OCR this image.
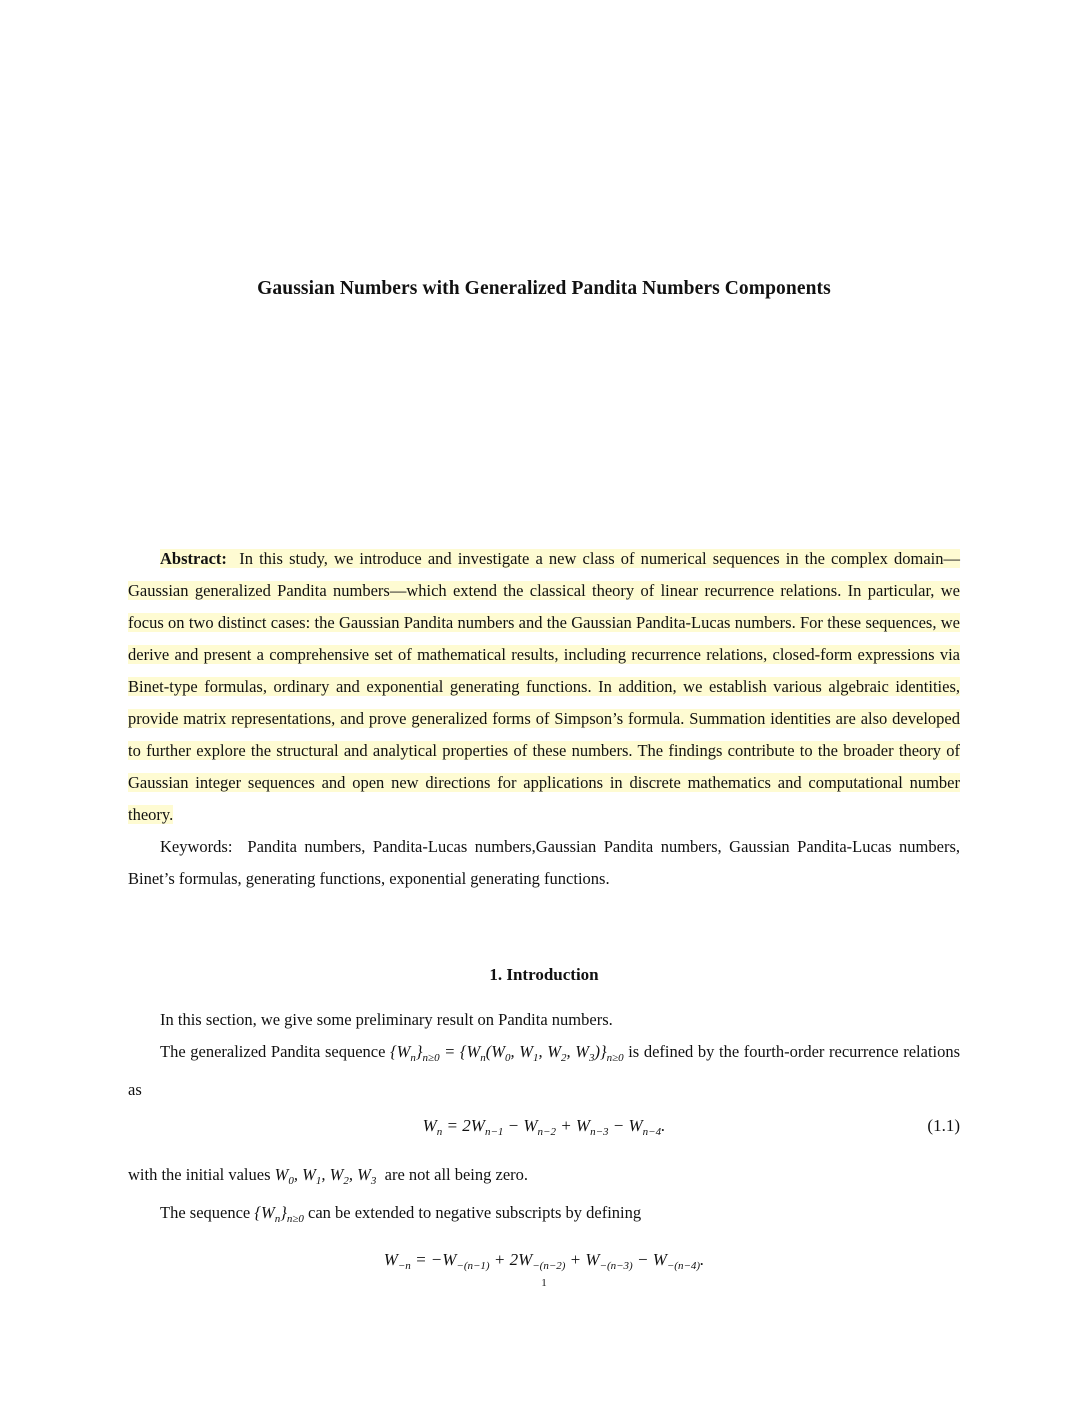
Gaussian Numbers with Generalized Pandita Numbers Components

Abstract: In this study, we introduce and investigate a new class of numerical sequences in the complex domain—Gaussian generalized Pandita numbers—which extend the classical theory of linear recurrence relations. In particular, we focus on two distinct cases: the Gaussian Pandita numbers and the Gaussian Pandita-Lucas numbers. For these sequences, we derive and present a comprehensive set of mathematical results, including recurrence relations, closed-form expressions via Binet-type formulas, ordinary and exponential generating functions. In addition, we establish various algebraic identities, provide matrix representations, and prove generalized forms of Simpson’s formula. Summation identities are also developed to further explore the structural and analytical properties of these numbers. The findings contribute to the broader theory of Gaussian integer sequences and open new directions for applications in discrete mathematics and computational number theory.

Keywords: Pandita numbers, Pandita-Lucas numbers,Gaussian Pandita numbers, Gaussian Pandita-Lucas numbers, Binet’s formulas, generating functions, exponential generating functions.

1. Introduction

In this section, we give some preliminary result on Pandita numbers.

The generalized Pandita sequence $\{W_n\}_{n\ge 0} = \{W_n(W_0$, $W_1$, $W_2$, $W_3)\}_{n\ge 0}$ is defined by the fourth-order recurrence relations as

$W_n = 2W_{n-1} - W_{n-2} + W_{n-3} - W_{n-4}$.	(1.1)

with the initial values $W_0$, $W_1$, $W_2$, $W_3$ are not all being zero.

The sequence $\{W_n\}_{n\ge 0}$ can be extended to negative subscripts by defining

$W_{-n} = -W_{-(n-1)} + 2W_{-(n-2)} + W_{-(n-3)} - W_{-(n-4)}$.
1
